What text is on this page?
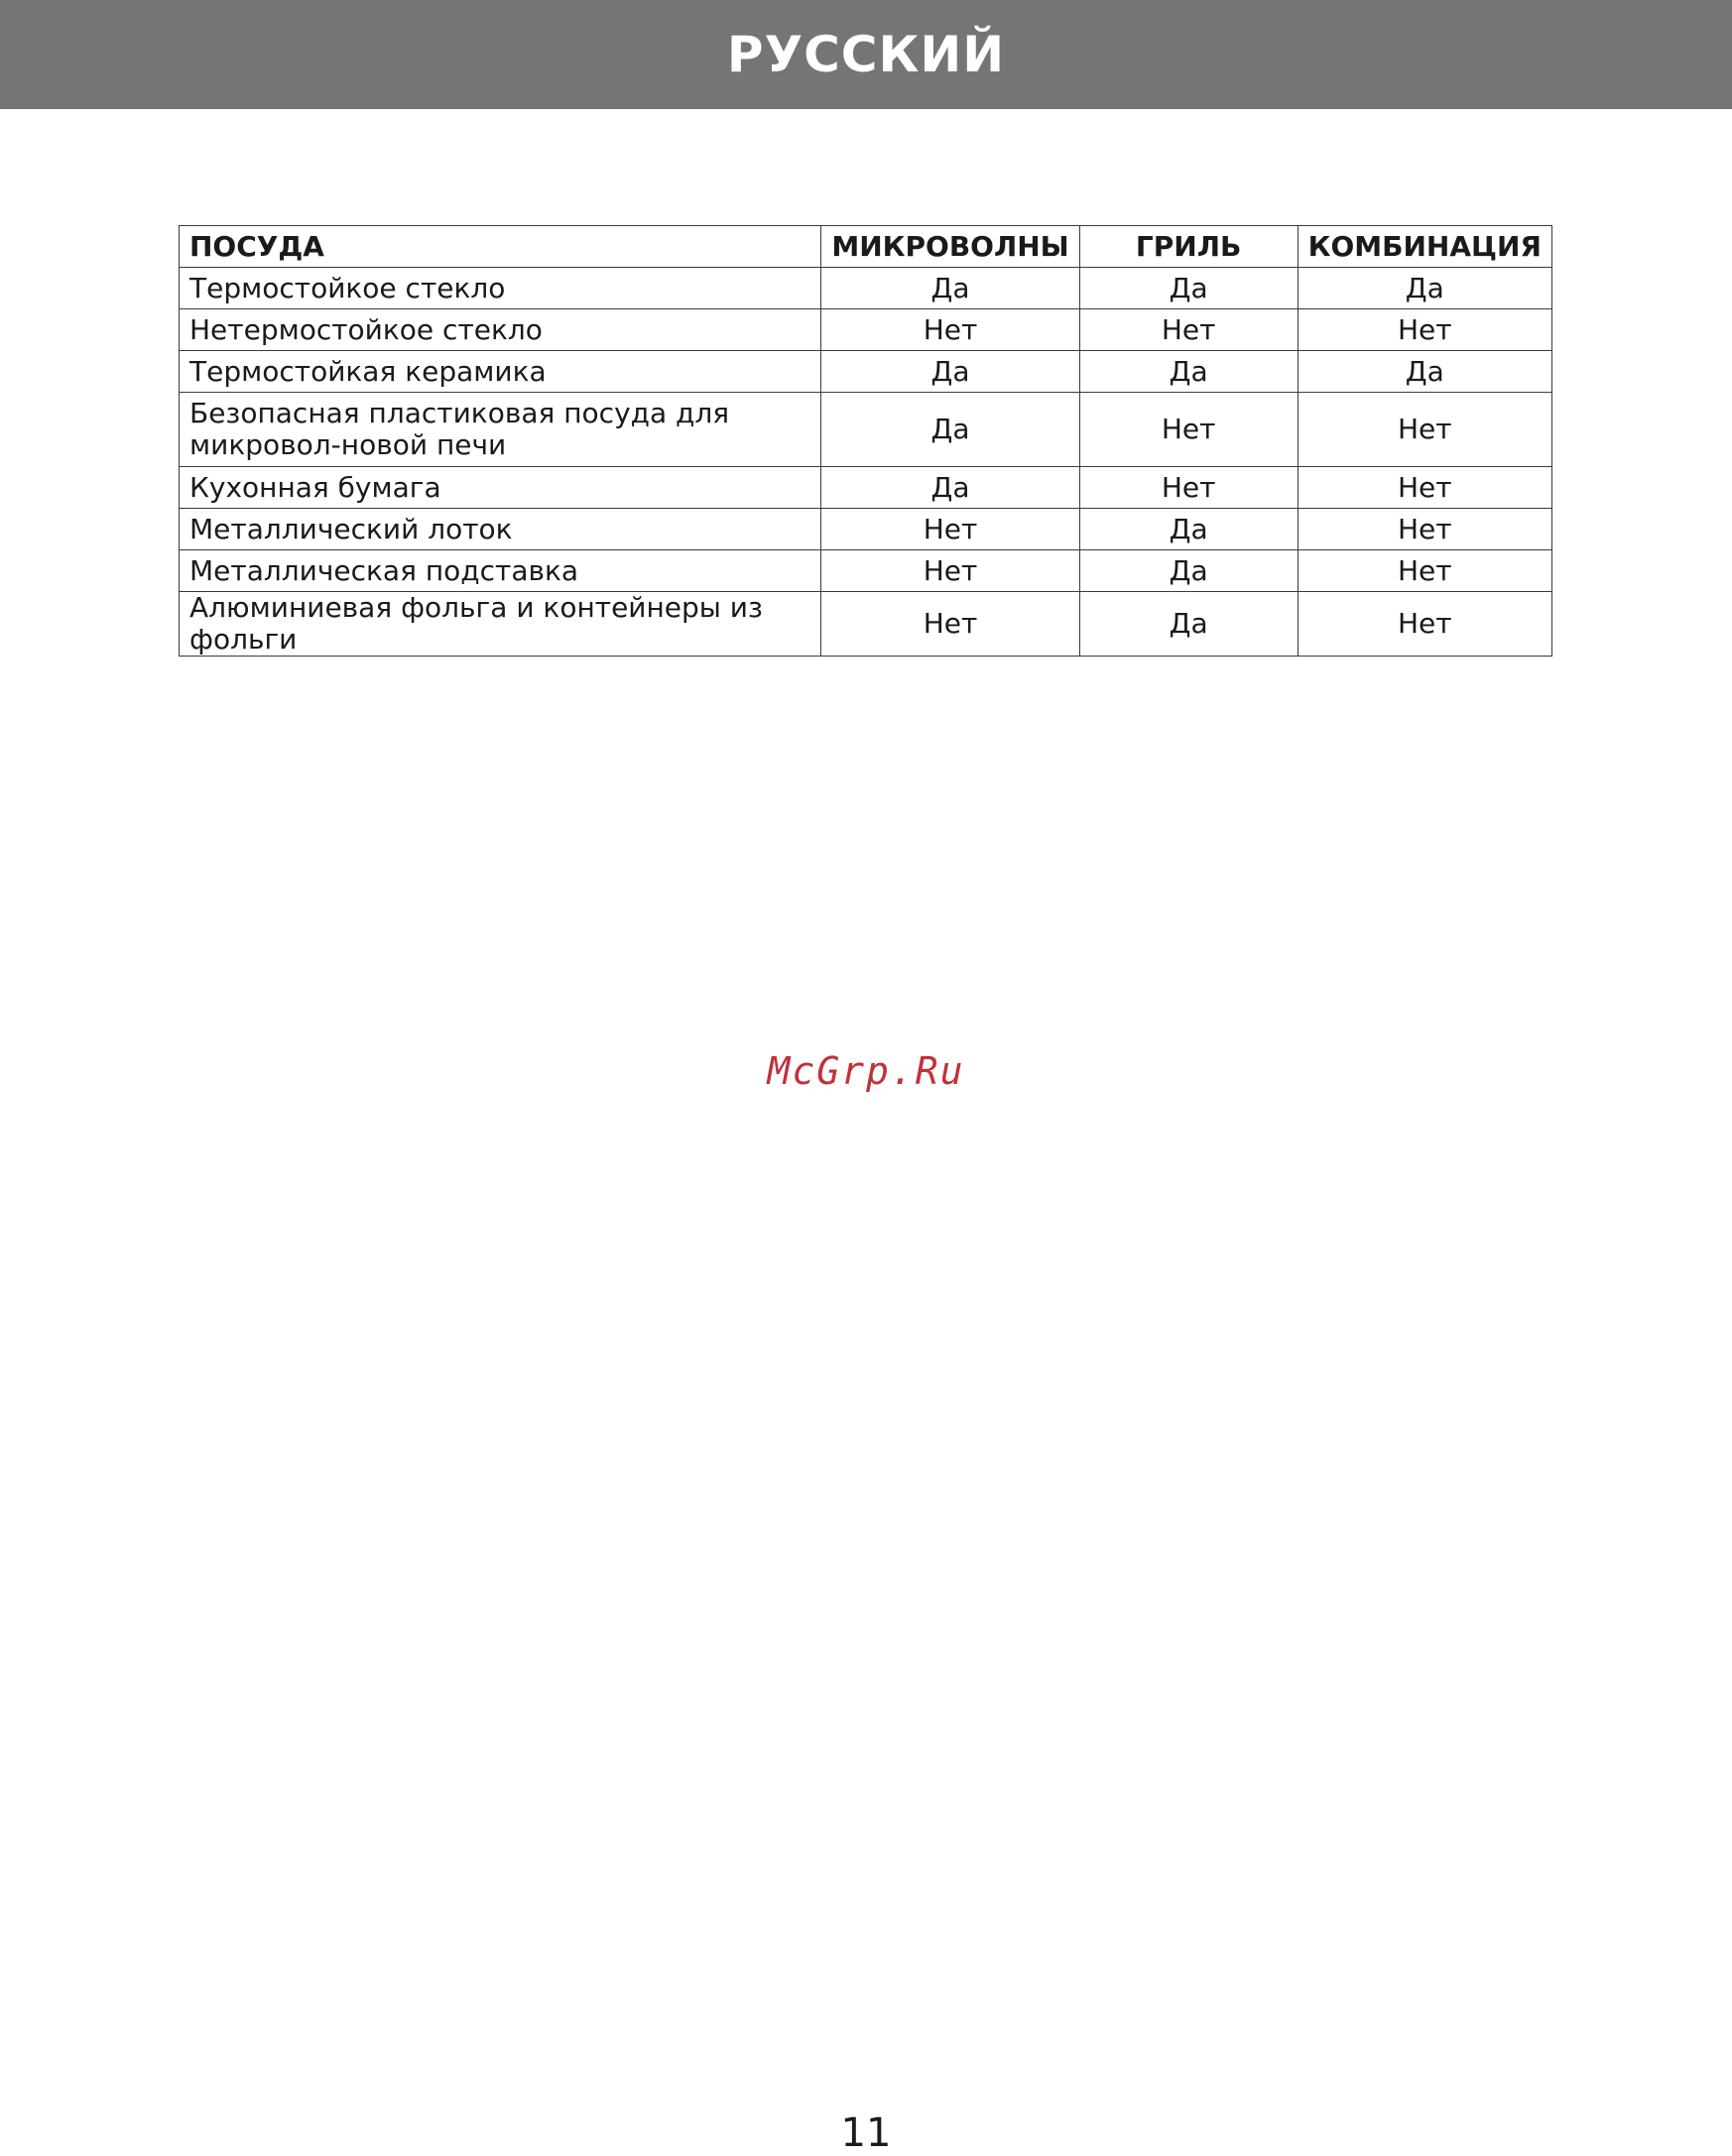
РУССКИЙ
ПОСУДА	МИКРОВОЛНЫ	ГРИЛЬ	КОМБИНАЦИЯ
Термостойкое стекло	Да	Да	Да
Нетермостойкое стекло	Нет	Нет	Нет
Термостойкая керамика	Да	Да	Да
Безопасная пластиковая посуда для микровол-новой печи	Да	Нет	Нет
Кухонная бумага	Да	Нет	Нет
Металлический лоток	Нет	Да	Нет
Металлическая подставка	Нет	Да	Нет
Алюминиевая фольга и контейнеры из фольги	Нет	Да	Нет
McGrp.Ru
11
